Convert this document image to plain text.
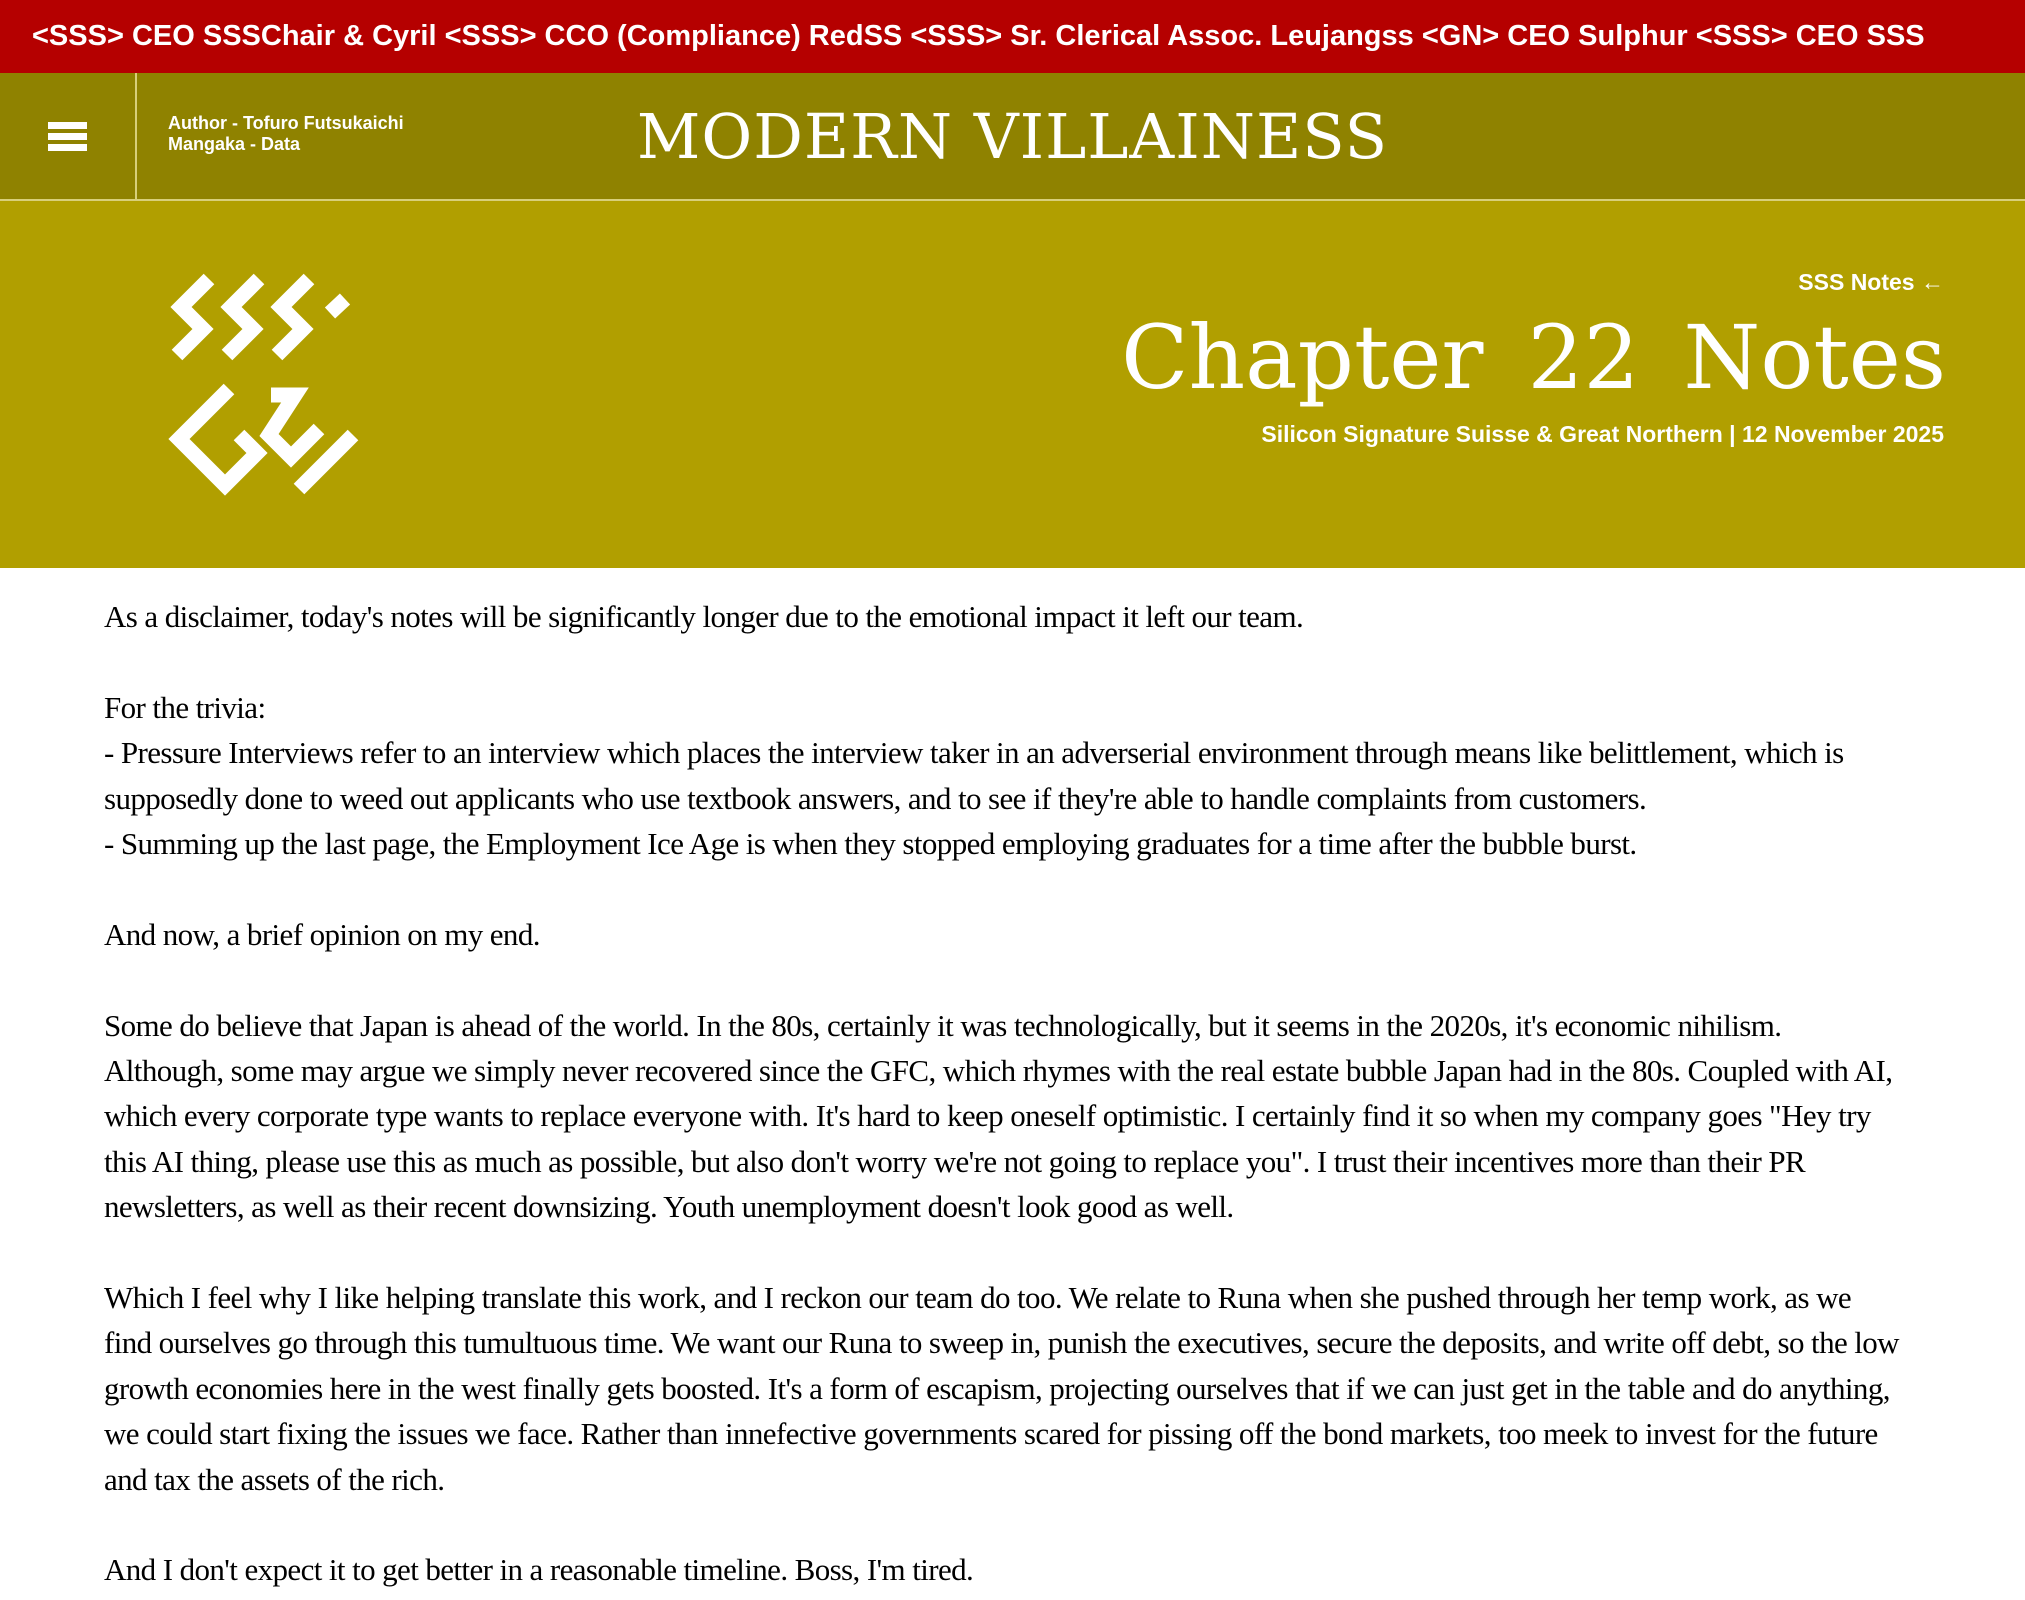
<SSS> CEO SSSChair & Cyril <SSS> CCO (Compliance) RedSS <SSS> Sr. Clerical Assoc. Leujangss <GN> CEO Sulphur <SSS> CEO SSS
Author - Tofuro Futsukaichi
Mangaka - Data	MODERN VILLAINESS
SSS Notes ←
Chapter 22 Notes
Silicon Signature Suisse & Great Northern | 12 November 2025

As a disclaimer, today's notes will be significantly longer due to the emotional impact it left our team.

For the trivia:
- Pressure Interviews refer to an interview which places the interview taker in an adverserial environment through means like belittlement, which is supposedly done to weed out applicants who use textbook answers, and to see if they're able to handle complaints from customers.
- Summing up the last page, the Employment Ice Age is when they stopped employing graduates for a time after the bubble burst.

And now, a brief opinion on my end.

Some do believe that Japan is ahead of the world. In the 80s, certainly it was technologically, but it seems in the 2020s, it's economic nihilism. Although, some may argue we simply never recovered since the GFC, which rhymes with the real estate bubble Japan had in the 80s. Coupled with AI, which every corporate type wants to replace everyone with. It's hard to keep oneself optimistic. I certainly find it so when my company goes "Hey try this AI thing, please use this as much as possible, but also don't worry we're not going to replace you". I trust their incentives more than their PR newsletters, as well as their recent downsizing. Youth unemployment doesn't look good as well.

Which I feel why I like helping translate this work, and I reckon our team do too. We relate to Runa when she pushed through her temp work, as we find ourselves go through this tumultuous time. We want our Runa to sweep in, punish the executives, secure the deposits, and write off debt, so the low growth economies here in the west finally gets boosted. It's a form of escapism, projecting ourselves that if we can just get in the table and do anything, we could start fixing the issues we face. Rather than innefective governments scared for pissing off the bond markets, too meek to invest for the future and tax the assets of the rich.

And I don't expect it to get better in a reasonable timeline. Boss, I'm tired.
